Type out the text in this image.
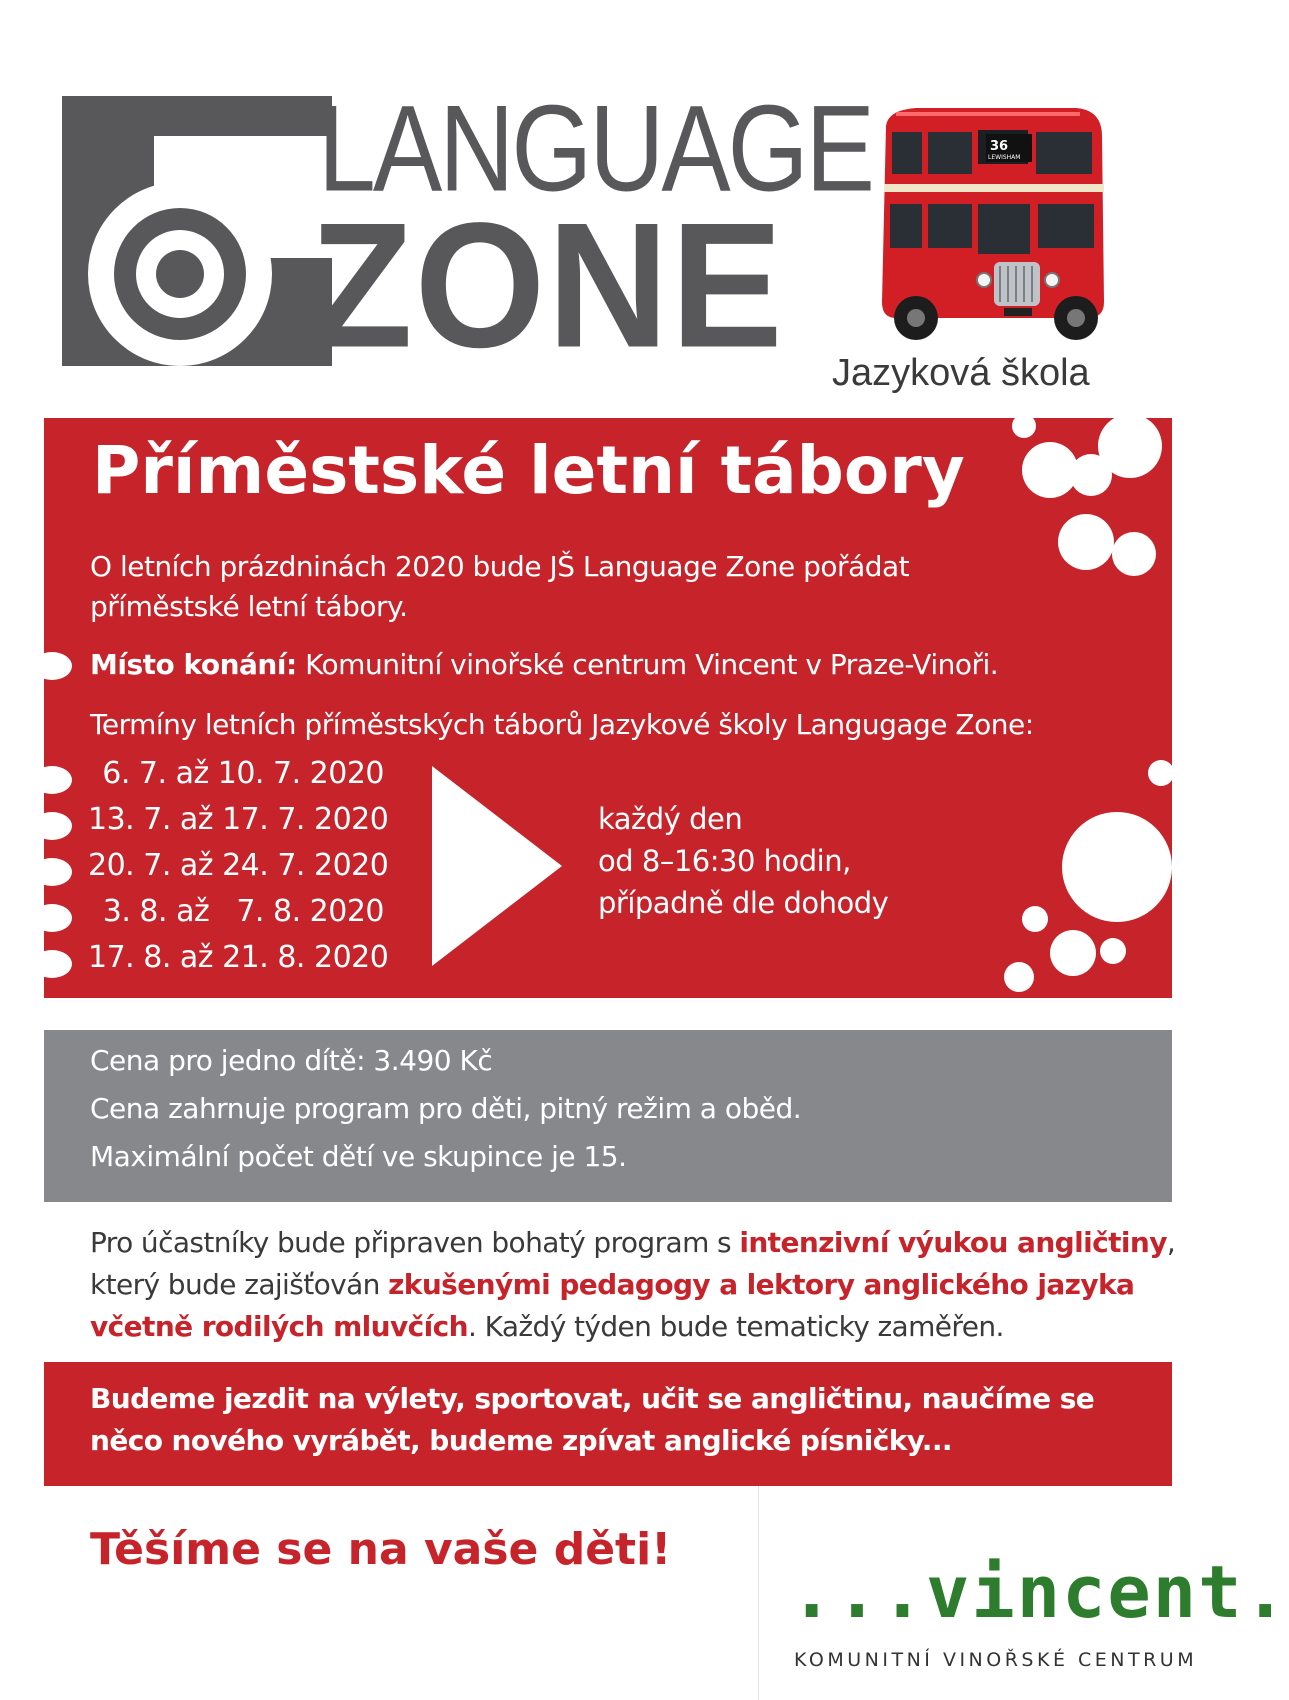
LANGUAGE
ZONE
36
LEWISHAM
Jazyková škola
Příměstské letní tábory
O letních prázdninách 2020 bude JŠ Language Zone pořádat
příměstské letní tábory.
Místo konání: Komunitní vinořské centrum Vincent v Praze-Vinoři.
Termíny letních příměstských táborů Jazykové školy Langugage Zone:
6. 7. až 10. 7. 2020
13. 7. až 17. 7. 2020
20. 7. až 24. 7. 2020
3. 8. až   7. 8. 2020
17. 8. až 21. 8. 2020
každý den
od 8–16:30 hodin,
případně dle dohody
Cena pro jedno dítě: 3.490 Kč
Cena zahrnuje program pro děti, pitný režim a oběd.
Maximální počet dětí ve skupince je 15.
Pro účastníky bude připraven bohatý program s intenzivní výukou angličtiny,
který bude zajišťován zkušenými pedagogy a lektory anglického jazyka
včetně rodilých mluvčích. Každý týden bude tematicky zaměřen.
Budeme jezdit na výlety, sportovat, učit se angličtinu, naučíme se
něco nového vyrábět, budeme zpívat anglické písničky...
Těšíme se na vaše děti!
...vincent.
KOMUNITNÍ VINOŘSKÉ CENTRUM
